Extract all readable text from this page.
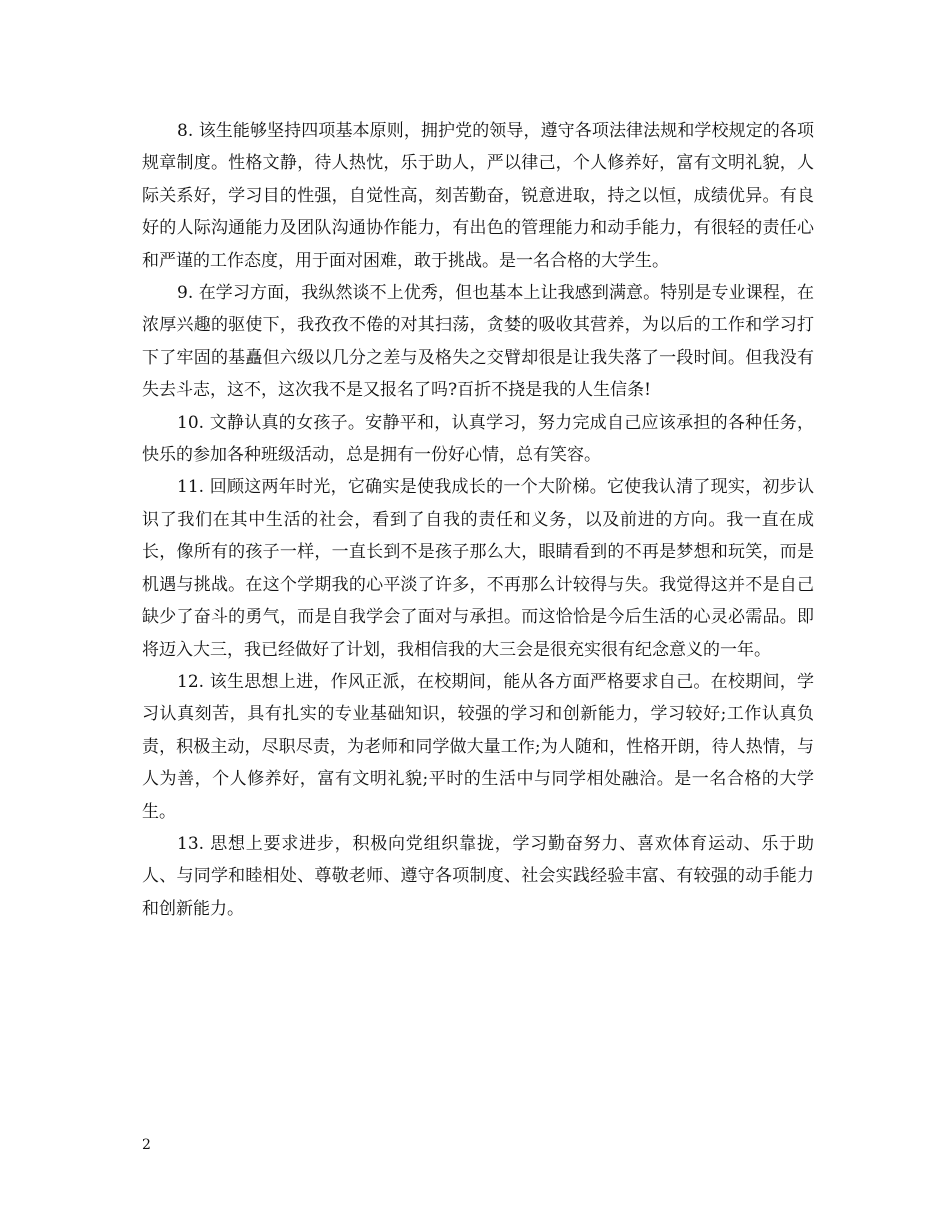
8. 该生能够坚持四项基本原则，拥护党的领导，遵守各项法律法规和学校规定的各项规章制度。性格文静，待人热忱，乐于助人，严以律己，个人修养好，富有文明礼貌，人际关系好，学习目的性强，自觉性高，刻苦勤奋，锐意进取，持之以恒，成绩优异。有良好的人际沟通能力及团队沟通协作能力，有出色的管理能力和动手能力，有很轻的责任心和严谨的工作态度，用于面对困难，敢于挑战。是一名合格的大学生。

9. 在学习方面，我纵然谈不上优秀，但也基本上让我感到满意。特别是专业课程，在浓厚兴趣的驱使下，我孜孜不倦的对其扫荡，贪婪的吸收其营养，为以后的工作和学习打下了牢固的基矗但六级以几分之差与及格失之交臂却很是让我失落了一段时间。但我没有失去斗志，这不，这次我不是又报名了吗?百折不挠是我的人生信条!

10. 文静认真的女孩子。安静平和，认真学习，努力完成自己应该承担的各种任务，快乐的参加各种班级活动，总是拥有一份好心情，总有笑容。

11. 回顾这两年时光，它确实是使我成长的一个大阶梯。它使我认清了现实，初步认识了我们在其中生活的社会，看到了自我的责任和义务，以及前进的方向。我一直在成长，像所有的孩子一样，一直长到不是孩子那么大，眼睛看到的不再是梦想和玩笑，而是机遇与挑战。在这个学期我的心平淡了许多，不再那么计较得与失。我觉得这并不是自己缺少了奋斗的勇气，而是自我学会了面对与承担。而这恰恰是今后生活的心灵必需品。即将迈入大三，我已经做好了计划，我相信我的大三会是很充实很有纪念意义的一年。

12. 该生思想上进，作风正派，在校期间，能从各方面严格要求自己。在校期间，学习认真刻苦，具有扎实的专业基础知识，较强的学习和创新能力，学习较好;工作认真负责，积极主动，尽职尽责，为老师和同学做大量工作;为人随和，性格开朗，待人热情，与人为善，个人修养好，富有文明礼貌;平时的生活中与同学相处融洽。是一名合格的大学生。

13. 思想上要求进步，积极向党组织靠拢，学习勤奋努力、喜欢体育运动、乐于助人、与同学和睦相处、尊敬老师、遵守各项制度、社会实践经验丰富、有较强的动手能力和创新能力。

2
